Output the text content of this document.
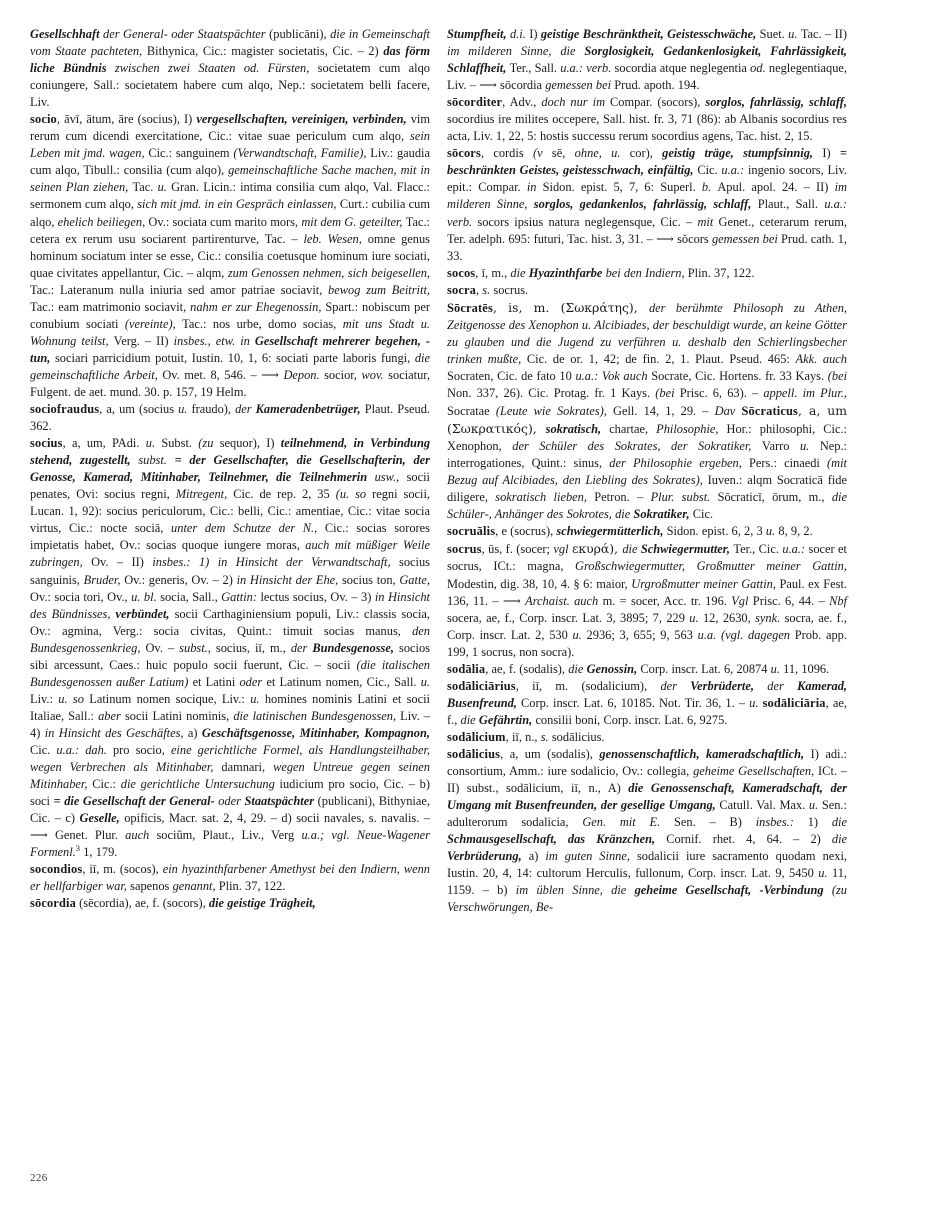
Gesellschhaft der General- oder Staatspächter (publicāni), die in Gemeinschaft vom Staate pachteten, Bithynica, Cic.: magister societatis, Cic. – 2) das förm liche Bündnis zwischen zwei Staaten od. Fürsten, societatem cum alqo coniungere, Sall.: societatem habere cum alqo, Nep.: societatem belli facere, Liv.

socio, āvī, ātum, āre (socius), I) vergesellschaften, vereinigen, verbinden, vim rerum cum dicendi exercitatione, Cic.: vitae suae periculum cum alqo, sein Leben mit jmd. wagen, Cic.: sanguinem (Verwandtschaft, Familie), Liv.: gaudia cum alqo, Tibull.: consilia (cum alqo), gemeinschaftliche Sache machen, mit in seinen Plan ziehen, Tac. u. Gran. Licin.: intima consilia cum alqo, Val. Flacc.: sermonem cum alqo, sich mit jmd. in ein Gespräch einlassen, Curt.: cubilia cum alqo, ehelich beiliegen, Ov.: sociata cum marito mors, mit dem G. geteilter, Tac.: cetera ex rerum usu sociarent partirenturve, Tac. – leb. Wesen, omne genus hominum sociatum inter se esse, Cic.: consilia coetusque hominum iure sociati, quae civitates appellantur, Cic. – alqm, zum Genossen nehmen, sich beigesellen, Tac.: Lateranum nulla iniuria sed amor patriae sociavit, bewog zum Beitritt, Tac.: eam matrimonio sociavit, nahm er zur Ehegenossin, Spart.: nobiscum per conubium sociati (vereinte), Tac.: nos urbe, domo socias, mit uns Stadt u. Wohnung teilst, Verg. – II) insbes., etw. in Gesellschaft mehrerer begehen, -tun, sociari parricidium potuit, Iustin. 10, 1, 6: sociati parte laboris fungi, die gemeinschaftliche Arbeit, Ov. met. 8, 546. – ⟶ Depon. socior, wov. sociatur, Fulgent. de aet. mund. 30. p. 157, 19 Helm.

sociofraudus, a, um (socius u. fraudo), der Kameradenbetrüger, Plaut. Pseud. 362.

socius, a, um, PAdi. u. Subst. (zu sequor), I) teilnehmend, in Verbindung stehend, zugestellt, subst. = der Gesellschafter, die Gesellschafterin, der Genosse, Kamerad, Mitinhaber, Teilnehmer, die Teilnehmerin usw., socii penates, Ovi: socius regni, Mitregent, Cic. de rep. 2, 35 (u. so regni socii, Lucan. 1, 92): socius periculorum, Cic.: belli, Cic.: amentiae, Cic.: vitae socia virtus, Cic.: nocte sociā, unter dem Schutze der N., Cic.: socias sorores impietatis habet, Ov.: socias quoque iungere moras, auch mit müßiger Weile zubringen, Ov. – II) insbes.: 1) in Hinsicht der Verwandtschaft, socius sanguinis, Bruder, Ov.: generis, Ov. – 2) in Hinsicht der Ehe, socius ton, Gatte, Ov.: socia tori, Ov., u. bl. socia, Sall., Gattin: lectus socius, Ov. – 3) in Hinsicht des Bündnisses, verbündet, socii Carthaginiensium populi, Liv.: classis socia, Ov.: agmina, Verg.: socia civitas, Quint.: timuit socias manus, den Bundesgenossenkrieg, Ov. – subst., socius, iī, m., der Bundesgenosse, socios sibi arcessunt, Caes.: huic populo socii fuerunt, Cic. – socii (die italischen Bundesgenossen außer Latium) et Latini oder et Latinum nomen, Cic., Sall. u. Liv.: u. so Latinum nomen socique, Liv.: u. homines nominis Latini et socii Italiae, Sall.: aber socii Latini nominis, die latinischen Bundesgenossen, Liv. – 4) in Hinsicht des Geschäftes, a) Geschäftsgenosse, Mitinhaber, Kompagnon, Cic. u.a.: dah. pro socio, eine gerichtliche Formel, als Handlungsteilhaber, wegen Verbrechen als Mitinhaber, damnari, wegen Untreue gegen seinen Mitinhaber, Cic.: die gerichtliche Untersuchung iudicium pro socio, Cic. – b) soci = die Gesellschaft der General- oder Staatspächter (publicani), Bithyniae, Cic. – c) Geselle, opificis, Macr. sat. 2, 4, 29. – d) socii navales, s. navalis. – ⟶ Genet. Plur. auch sociûm, Plaut., Liv., Verg u.a.; vgl. Neue-Wagener Formenl.$^3$ 1, 179.

socondios, iī, m. (socos), ein hyazinthfarbener Amethyst bei den Indiern, wenn er hellfarbiger war, sapenos genannt, Plin. 37, 122.

sōcordia (sēcordia), ae, f. (socors), die geistige Trägheit,

Stumpfheit, d.i. I) geistige Beschränktheit, Geistesschwäche, Suet. u. Tac. – II) im milderen Sinne, die Sorglosigkeit, Gedankenlosigkeit, Fahrlässigkeit, Schlaffheit, Ter., Sall. u.a.: verb. socordia atque neglegentia od. neglegentiaque, Liv. – ⟶ sōcordia gemessen bei Prud. apoth. 194.

sōcorditer, Adv., doch nur im Compar. (socors), sorglos, fahrlässig, schlaff, socordius ire milites occepere, Sall. hist. fr. 3, 71 (86): ab Albanis socordius res acta, Liv. 1, 22, 5: hostis successu rerum socordius agens, Tac. hist. 2, 15.

sōcors, cordis (v sē, ohne, u. cor), geistig träge, stumpfsinnig, I) = beschränkten Geistes, geistesschwach, einfältig, Cic. u.a.: ingenio socors, Liv. epit.: Compar. in Sidon. epist. 5, 7, 6: Superl. b. Apul. apol. 24. – II) im milderen Sinne, sorglos, gedankenlos, fahrlässig, schlaff, Plaut., Sall. u.a.: verb. socors ipsius natura neglegensque, Cic. – mit Genet., ceterarum rerum, Ter. adelph. 695: futuri, Tac. hist. 3, 31. – ⟶ sŏcors gemessen bei Prud. cath. 1, 33.

socos, ī, m., die Hyazinthfarbe bei den Indiern, Plin. 37, 122.

socra, s. socrus.

Sōcratēs, is, m. (Σωκράτης), der berühmte Philosoph zu Athen, Zeitgenosse des Xenophon u. Alcibiades, der beschuldigt wurde, an keine Götter zu glauben und die Jugend zu verführen u. deshalb den Schierlingsbecher trinken mußte, Cic. de or. 1, 42; de fin. 2, 1. Plaut. Pseud. 465: Akk. auch Socraten, Cic. de fato 10 u.a.: Vok auch Socrate, Cic. Hortens. fr. 33 Kays. (bei Non. 337, 26). Cic. Protag. fr. 1 Kays. (bei Prisc. 6, 63). – appell. im Plur., Socratae (Leute wie Sokrates), Gell. 14, 1, 29. – Dav Sōcraticus, a, um (Σωκρατικός), sokratisch, chartae, Philosophie, Hor.: philosophi, Cic.: Xenophon, der Schüler des Sokrates, der Sokratiker, Varro u. Nep.: interrogationes, Quint.: sinus, der Philosophie ergeben, Pers.: cinaedi (mit Bezug auf Alcibiades, den Liebling des Sokrates), Iuven.: alqm Socraticā fide diligere, sokratisch lieben, Petron. – Plur. subst. Sōcraticī, ōrum, m., die Schüler-, Anhänger des Sokrotes, die Sokratiker, Cic.

socruālis, e (socrus), schwiegermütterlich, Sidon. epist. 6, 2, 3 u. 8, 9, 2.

socrus, ūs, f. (socer; vgl εκυρά), die Schwiegermutter, Ter., Cic. u.a.: socer et socrus, ICt.: magna, Großschwiegermutter, Großmutter meiner Gattin, Modestin, dig. 38, 10, 4. § 6: maior, Urgroßmutter meiner Gattin, Paul. ex Fest. 136, 11. – ⟶ Archaist. auch m. = socer, Acc. tr. 196. Vgl Prisc. 6, 44. – Nbf socera, ae, f., Corp. inscr. Lat. 3, 3895; 7, 229 u. 12, 2630, synk. socra, ae. f., Corp. inscr. Lat. 2, 530 u. 2936; 3, 655; 9, 563 u.a. (vgl. dagegen Prob. app. 199, 1 socrus, non socra).

sodālia, ae, f. (sodalis), die Genossin, Corp. inscr. Lat. 6, 20874 u. 11, 1096.

sodāliciārius, iī, m. (sodalicium), der Verbrüderte, der Kamerad, Busenfreund, Corp. inscr. Lat. 6, 10185. Not. Tir. 36, 1. – u. sodāliciāria, ae, f., die Gefährtin, consilii boni, Corp. inscr. Lat. 6, 9275.

sodālicium, iī, n., s. sodālicius.

sodālicius, a, um (sodalis), genossenschaftlich, kameradschaftlich, I) adi.: consortium, Amm.: iure sodalicio, Ov.: collegia, geheime Gesellschaften, ICt. – II) subst., sodālicium, iī, n., A) die Genossenschaft, Kameradschaft, der Umgang mit Busenfreunden, der gesellige Umgang, Catull. Val. Max. u. Sen.: adulterorum sodalicia, Gen. mit E. Sen. – B) insbes.: 1) die Schmausgesellschaft, das Kränzchen, Cornif. rhet. 4, 64. – 2) die Verbrüderung, a) im guten Sinne, sodalicii iure sacramento quodam nexi, Iustin. 20, 4, 14: cultorum Herculis, fullonum, Corp. inscr. Lat. 9, 5450 u. 11, 1159. – b) im üblen Sinne, die geheime Gesellschaft, -Verbindung (zu Verschwörungen, Be-

226
